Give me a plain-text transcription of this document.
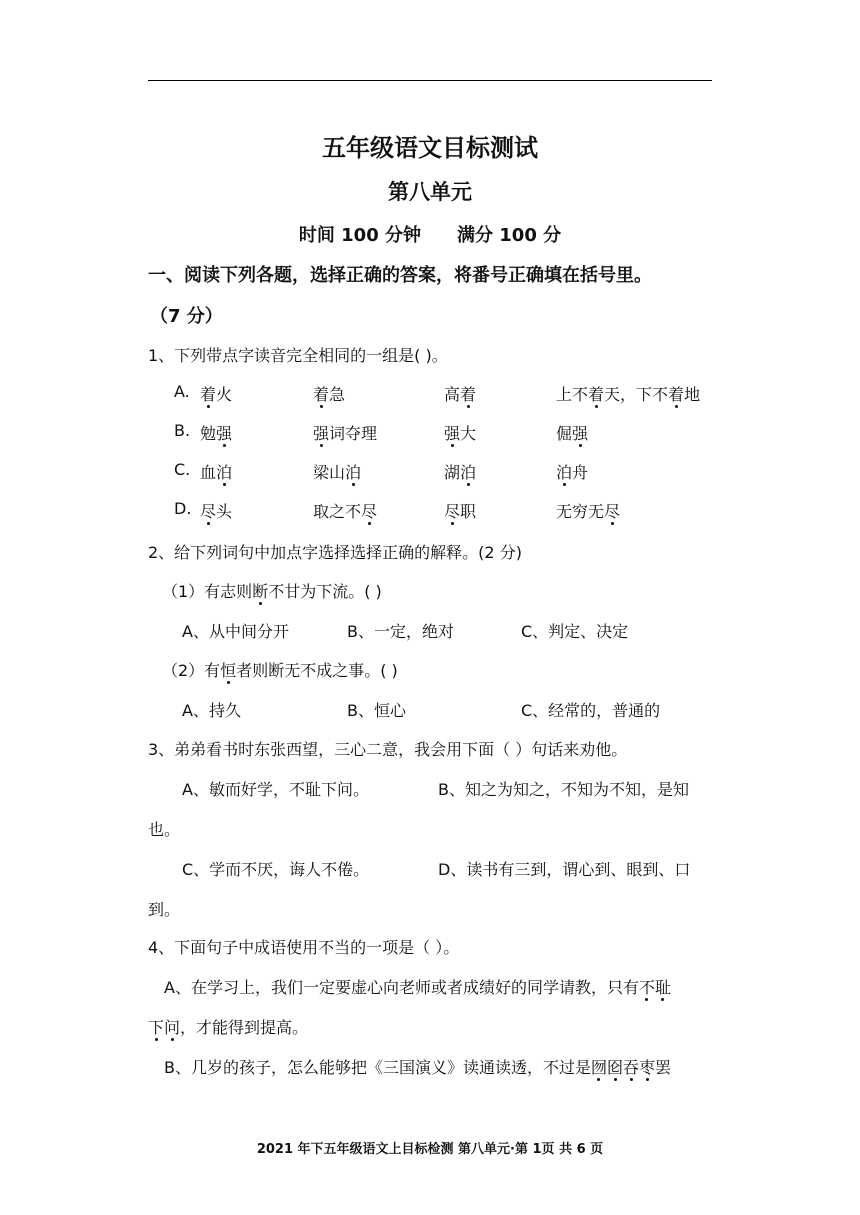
五年级语文目标测试
第八单元
时间 100 分钟 满分 100 分
一、阅读下列各题，选择正确的答案，将番号正确填在括号里。
（7 分）
1、下列带点字读音完全相同的一组是( )。
A. 着火	着急	高着	上不着天，下不着地
B. 勉强	强词夺理	强大	倔强
C. 血泊	梁山泊	湖泊	泊舟
D. 尽头	取之不尽	尽职	无穷无尽
2、给下列词句中加点字选择选择正确的解释。(2 分)
（1）有志则断不甘为下流。( )
A、从中间分开	B、一定，绝对	C、判定、决定
（2）有恒者则断无不成之事。( )
A、持久	B、恒心	C、经常的，普通的
3、弟弟看书时东张西望，三心二意，我会用下面（ ）句话来劝他。
A、敏而好学，不耻下问。	B、知之为知之，不知为不知，是知
也。
C、学而不厌，诲人不倦。	D、读书有三到，谓心到、眼到、口
到。
4、下面句子中成语使用不当的一项是（ ）。
A、在学习上，我们一定要虚心向老师或者成绩好的同学请教，只有不耻
下问，才能得到提高。
B、几岁的孩子，怎么能够把《三国演义》读通读透，不过是囫囵吞枣罢
2021 年下五年级语文上目标检测 第八单元·第 1页 共 6 页
